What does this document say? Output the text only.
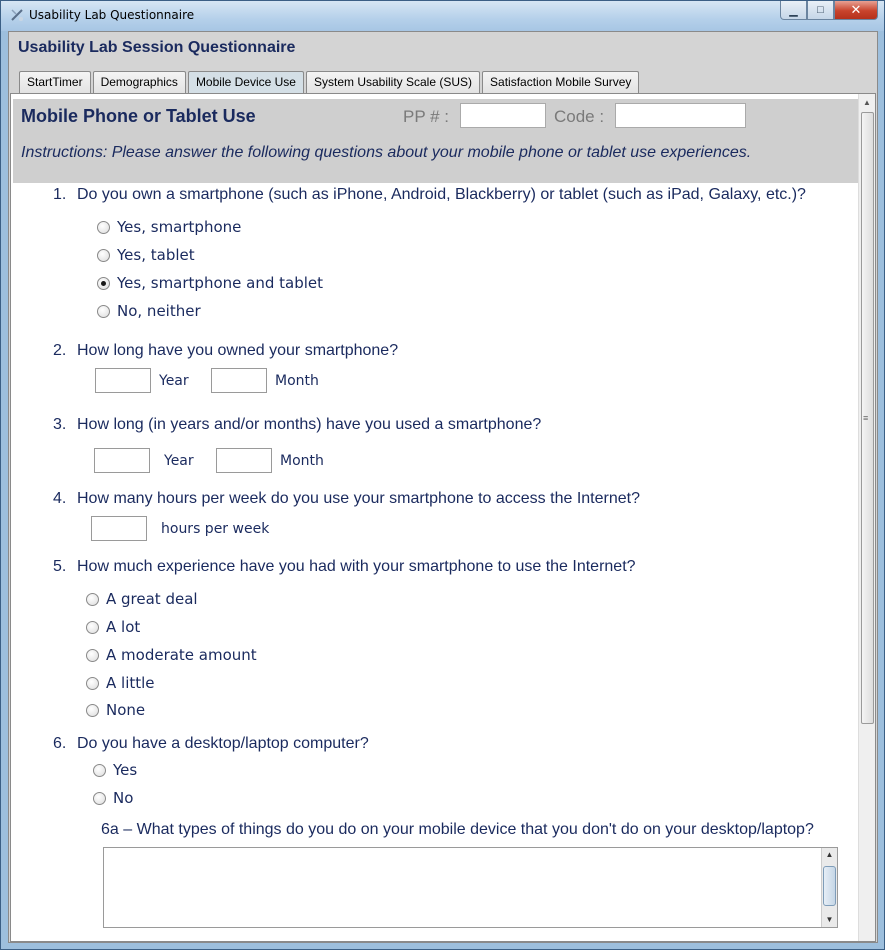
Usability Lab Questionnaire	▁	□	✕
Usability Lab Session Questionnaire
StartTimer	Demographics	Mobile Device Use	System Usability Scale (SUS)	Satisfaction Mobile Survey
Mobile Phone or Tablet Use	PP # :	Code :
Instructions: Please answer the following questions about your mobile phone or tablet use experiences.
1. Do you own a smartphone (such as iPhone, Android, Blackberry) or tablet (such as iPad, Galaxy, etc.)?
Yes, smartphone
Yes, tablet
Yes, smartphone and tablet
No, neither
2. How long have you owned your smartphone?
Year	Month
3. How long (in years and/or months) have you used a smartphone?
Year	Month
4. How many hours per week do you use your smartphone to access the Internet?
hours per week
5. How much experience have you had with your smartphone to use the Internet?
A great deal
A lot
A moderate amount
A little
None
6. Do you have a desktop/laptop computer?
Yes
No
6a – What types of things do you do on your mobile device that you don't do on your desktop/laptop?
▲
▼
▲
≡
